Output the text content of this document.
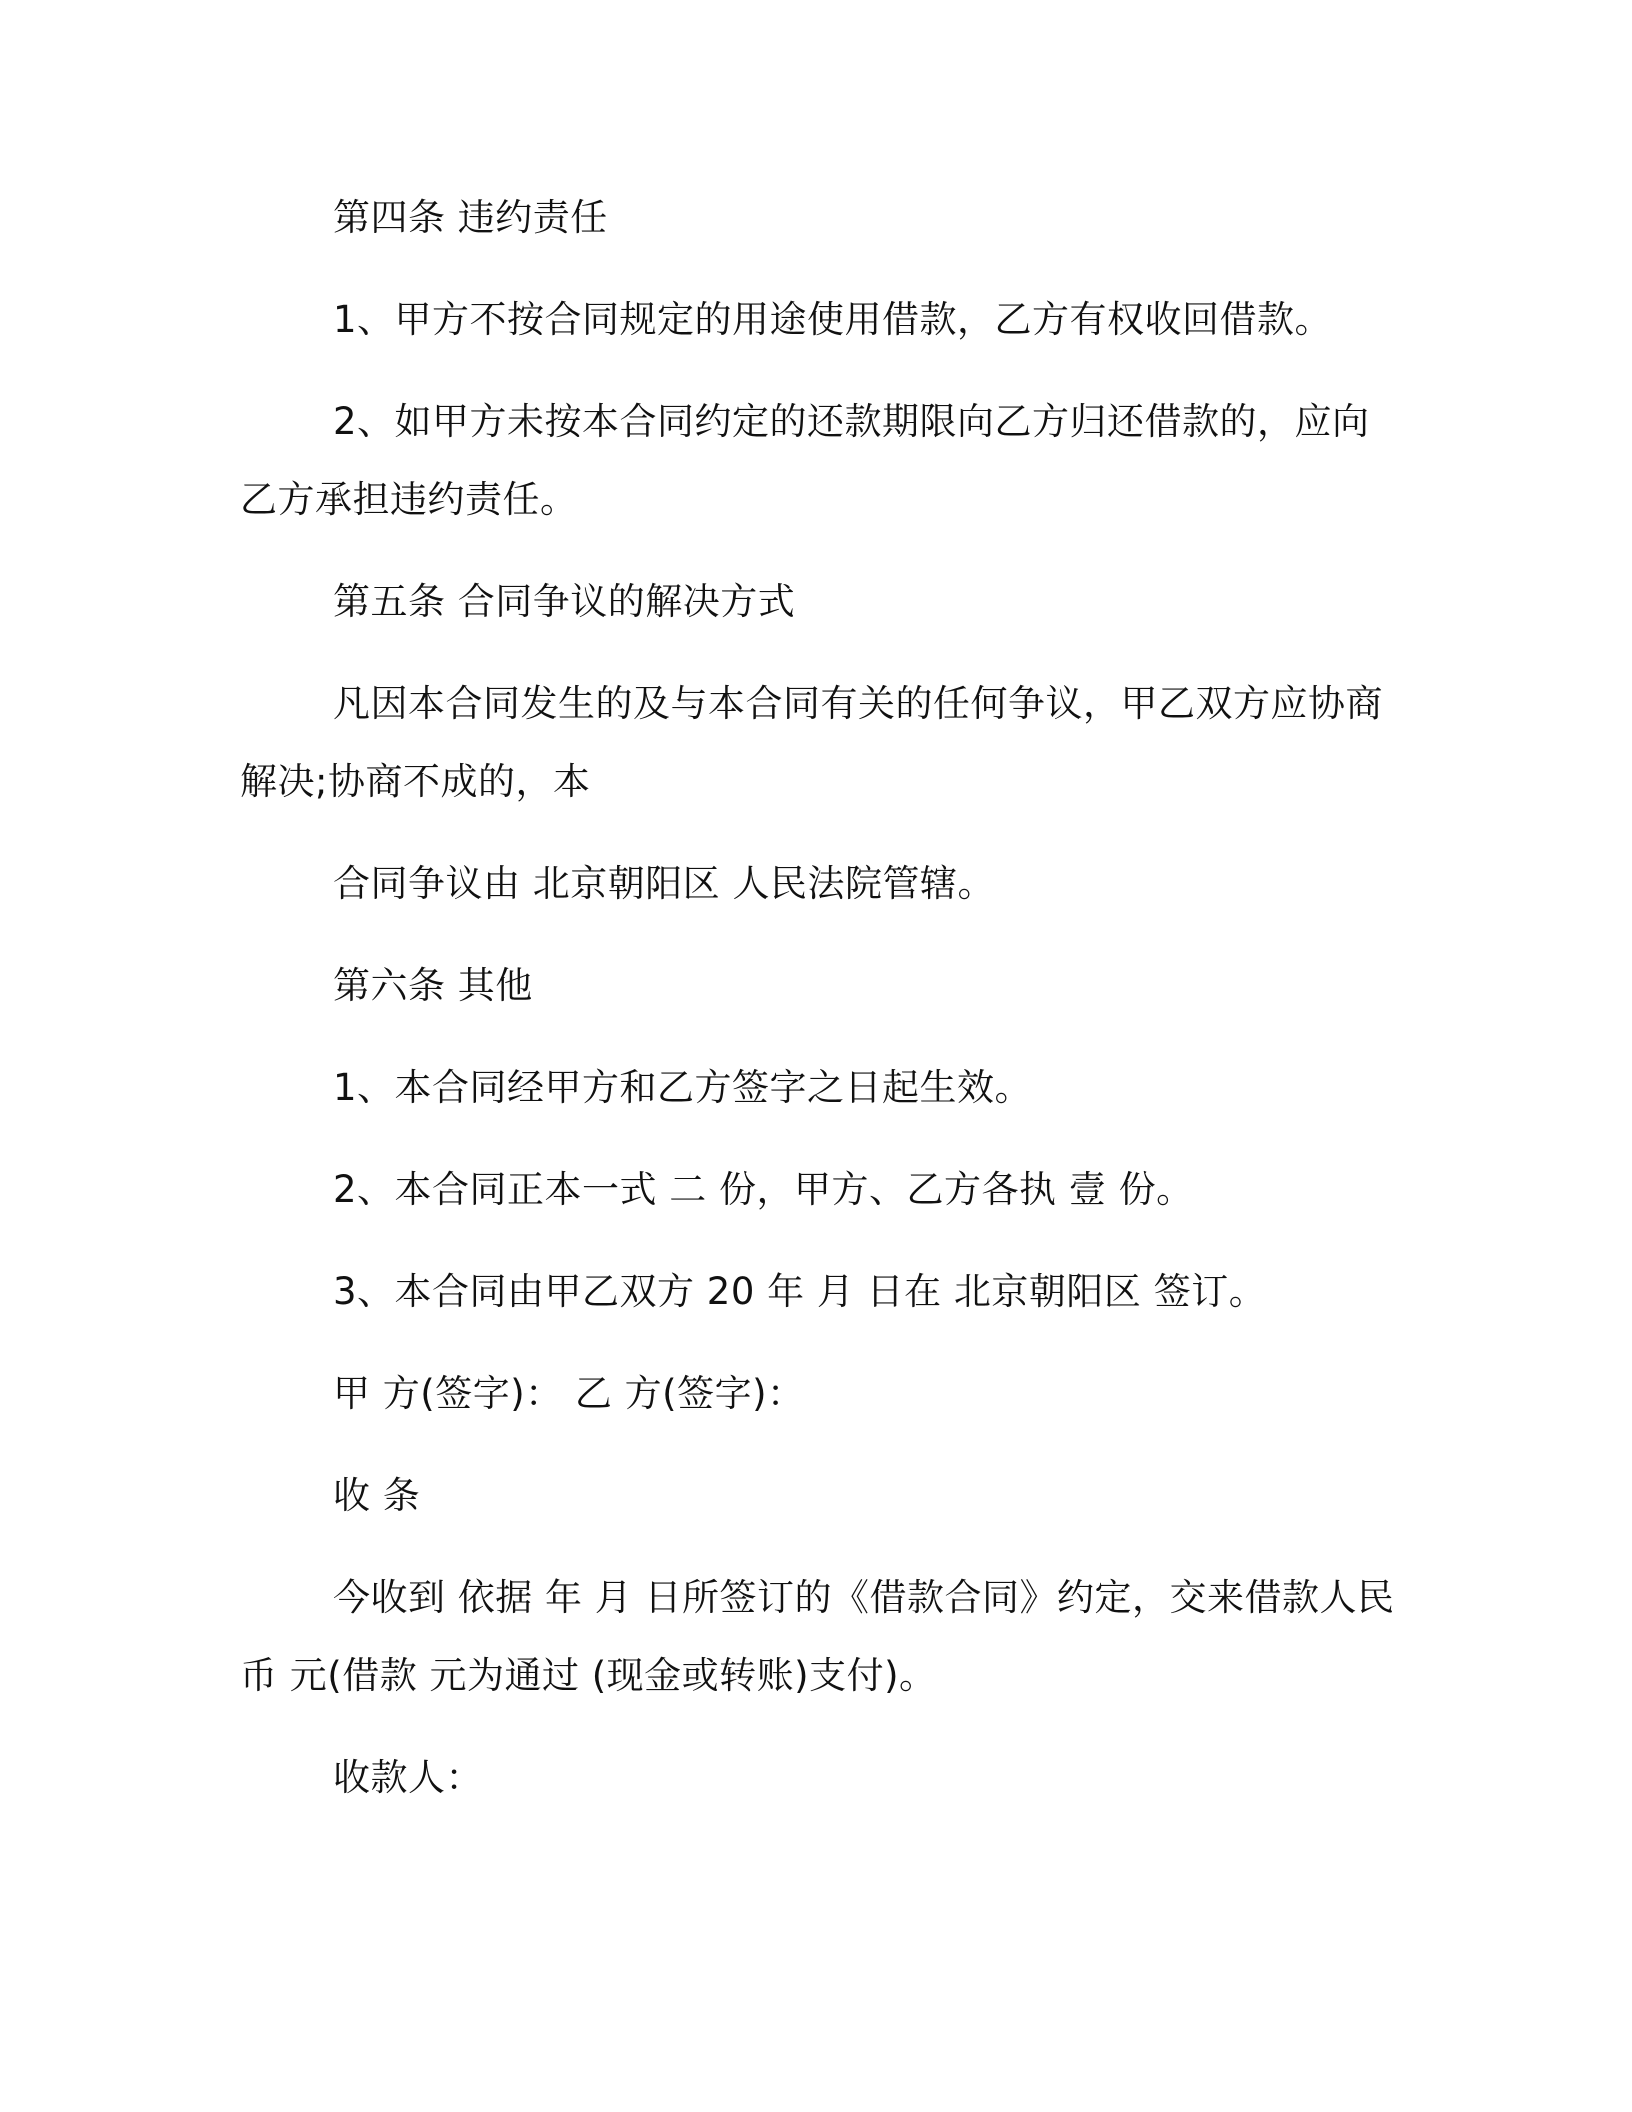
第四条 违约责任
1、甲方不按合同规定的用途使用借款，乙方有权收回借款。
2、如甲方未按本合同约定的还款期限向乙方归还借款的，应向
乙方承担违约责任。
第五条 合同争议的解决方式
凡因本合同发生的及与本合同有关的任何争议，甲乙双方应协商
解决;协商不成的，本
合同争议由 北京朝阳区 人民法院管辖。
第六条 其他
1、本合同经甲方和乙方签字之日起生效。
2、本合同正本一式 二 份，甲方、乙方各执 壹 份。
3、本合同由甲乙双方 20 年 月 日在 北京朝阳区 签订。
甲 方(签字)： 乙 方(签字)：
收 条
今收到 依据 年 月 日所签订的《借款合同》约定，交来借款人民
币 元(借款 元为通过 (现金或转账)支付)。
收款人：
